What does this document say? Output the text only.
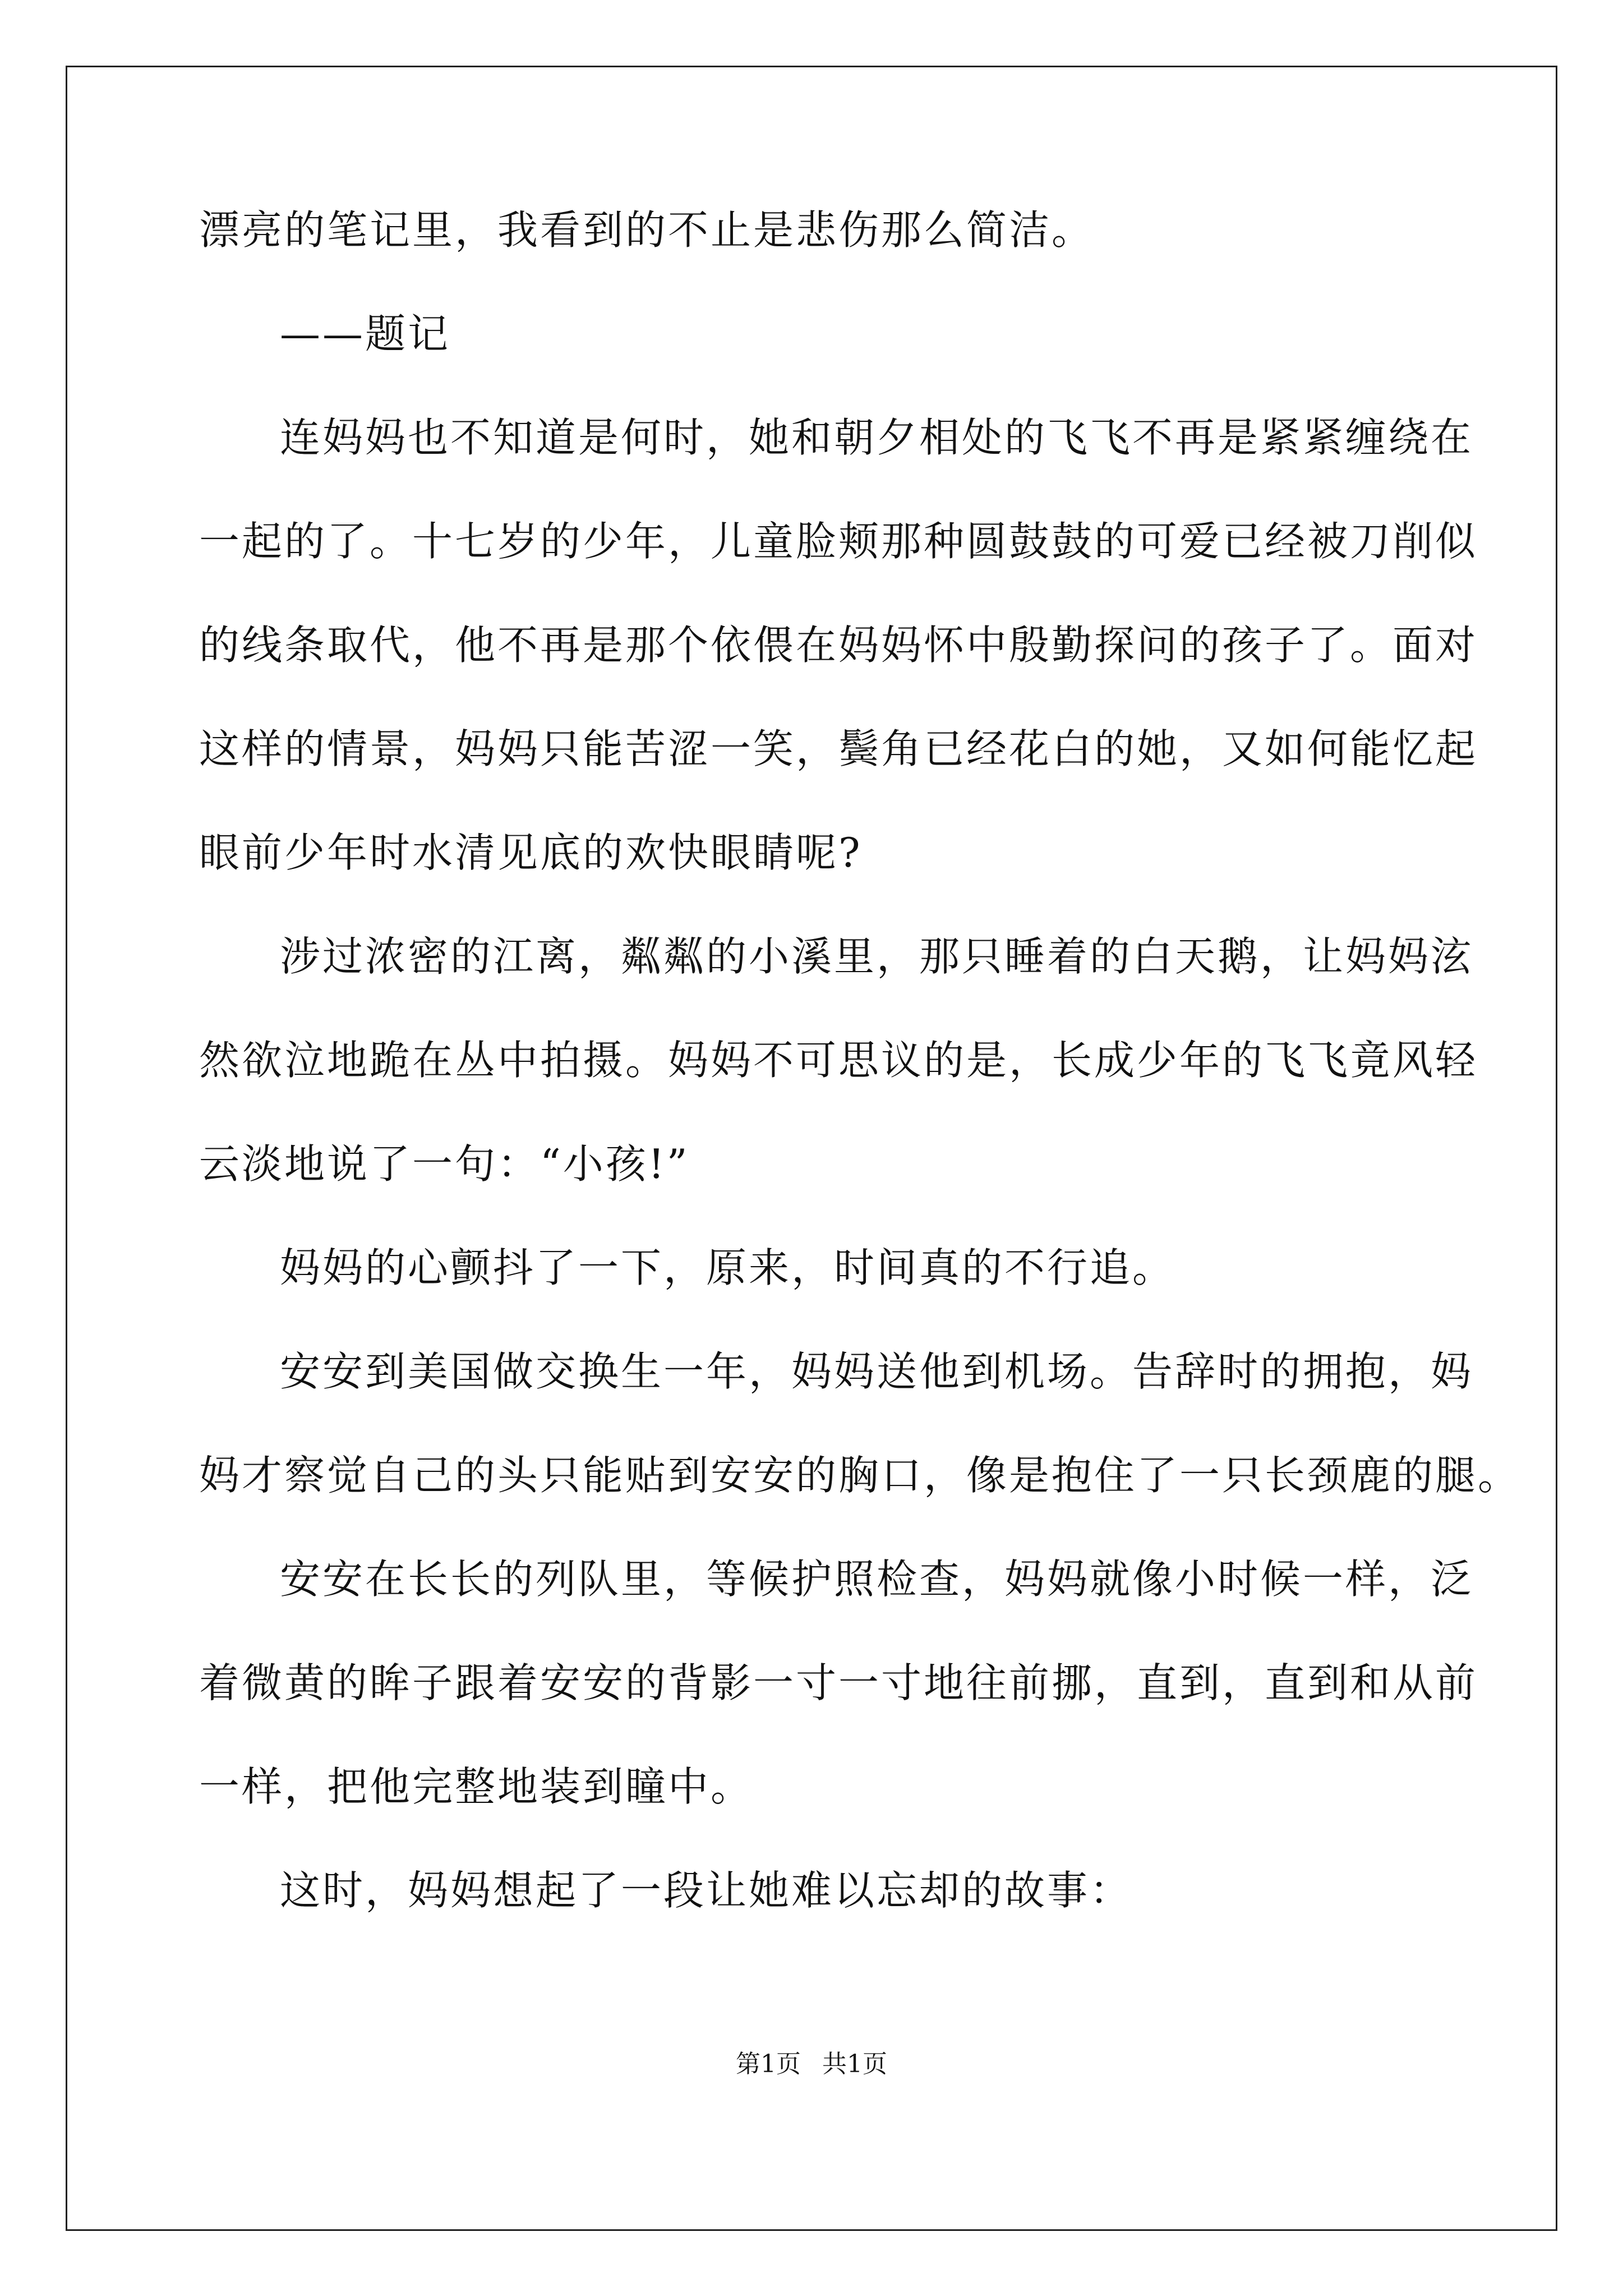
漂亮的笔记里，我看到的不止是悲伤那么简洁。
——题记
连妈妈也不知道是何时，她和朝夕相处的飞飞不再是紧紧缠绕在
一起的了。十七岁的少年，儿童脸颊那种圆鼓鼓的可爱已经被刀削似
的线条取代，他不再是那个依偎在妈妈怀中殷勤探问的孩子了。面对
这样的情景，妈妈只能苦涩一笑，鬓角已经花白的她，又如何能忆起
眼前少年时水清见底的欢快眼睛呢?
涉过浓密的江离，粼粼的小溪里，那只睡着的白天鹅，让妈妈泫
然欲泣地跪在丛中拍摄。妈妈不可思议的是，长成少年的飞飞竟风轻
云淡地说了一句：“小孩!”
妈妈的心颤抖了一下，原来，时间真的不行追。
安安到美国做交换生一年，妈妈送他到机场。告辞时的拥抱，妈
妈才察觉自己的头只能贴到安安的胸口，像是抱住了一只长颈鹿的腿。
安安在长长的列队里，等候护照检查，妈妈就像小时候一样，泛
着微黄的眸子跟着安安的背影一寸一寸地往前挪，直到，直到和从前
一样，把他完整地装到瞳中。
这时，妈妈想起了一段让她难以忘却的故事：
第1页 共1页
